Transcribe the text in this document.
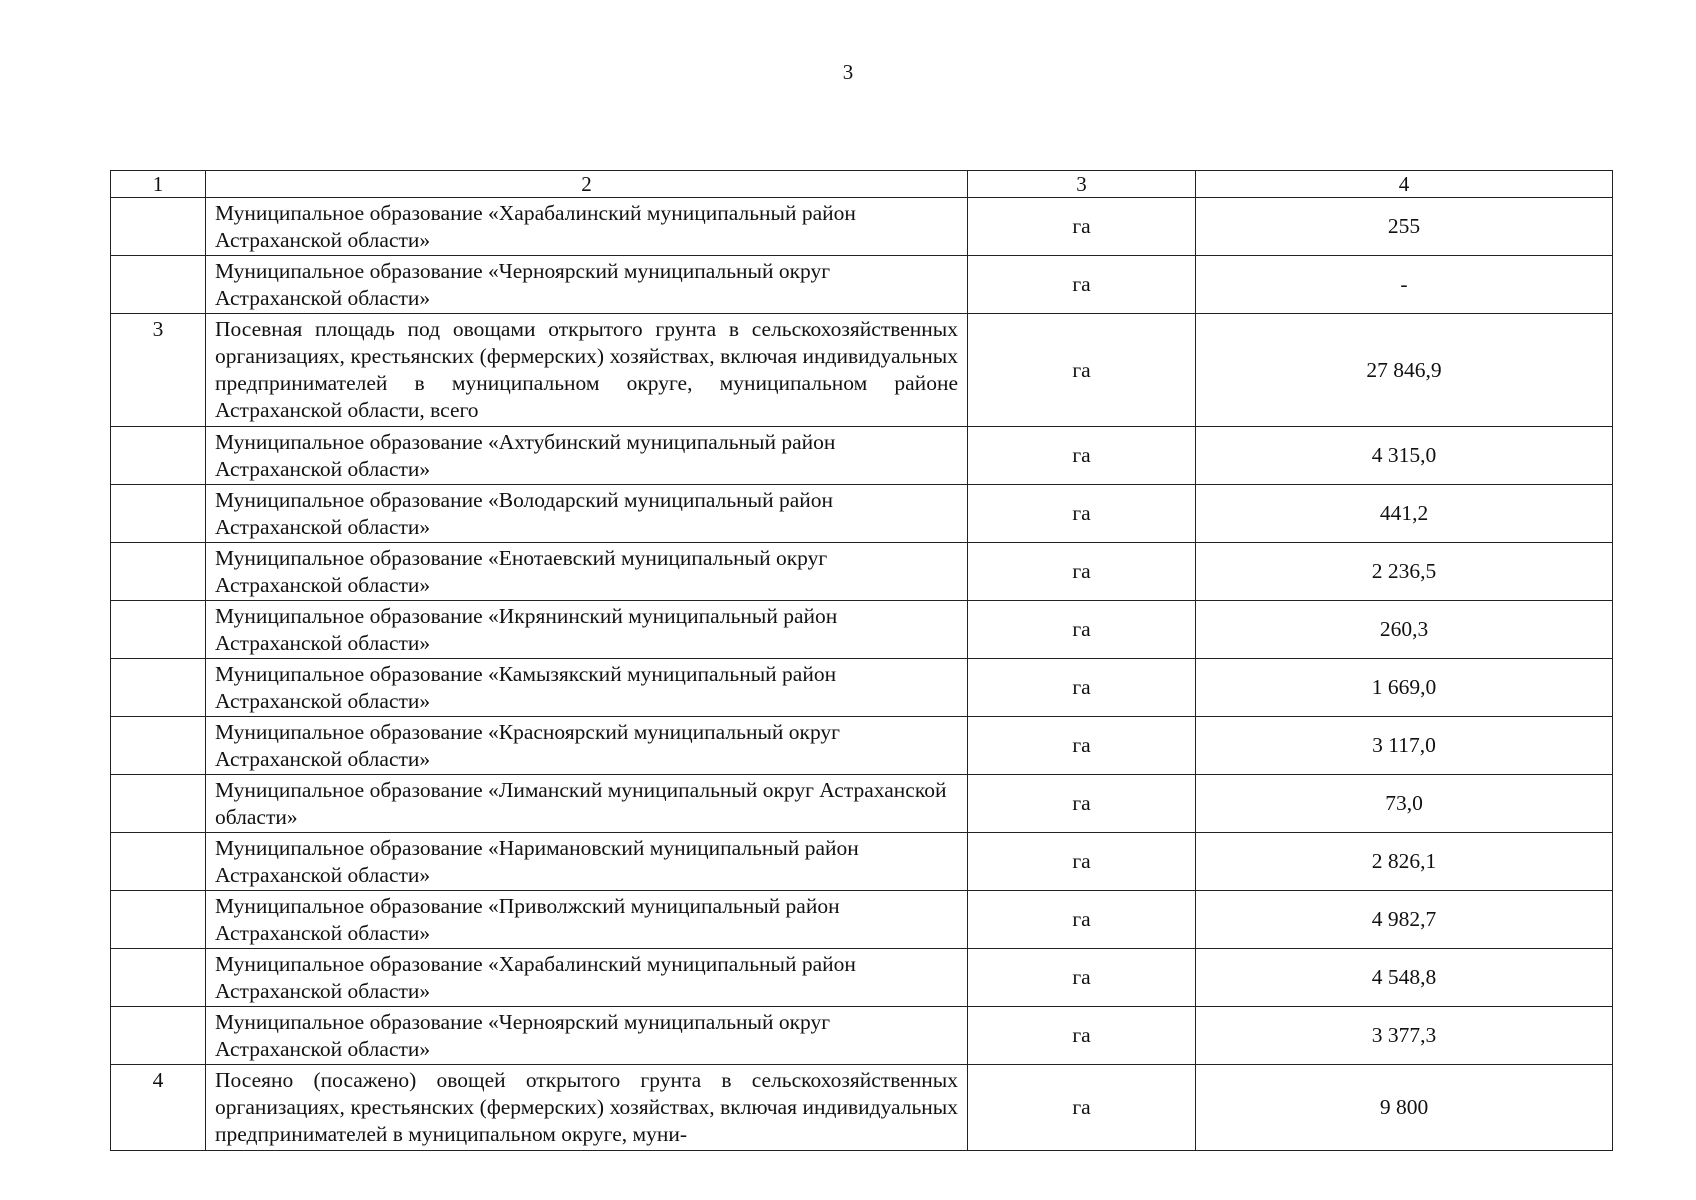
3
1	2	3	4
	Муниципальное образование «Харабалинский муниципальный район Астраханской области»	га	255
	Муниципальное образование «Черноярский муниципальный округ Астраханской области»	га	-
3	Посевная площадь под овощами открытого грунта в сельскохозяйственных организациях, крестьянских (фермерских) хозяйствах, включая индивидуальных предпринимателей в муниципальном округе, муниципальном районе Астраханской области, всего	га	27 846,9
	Муниципальное образование «Ахтубинский муниципальный район Астраханской области»	га	4 315,0
	Муниципальное образование «Володарский муниципальный район Астраханской области»	га	441,2
	Муниципальное образование «Енотаевский муниципальный округ Астраханской области»	га	2 236,5
	Муниципальное образование «Икрянинский муниципальный район Астраханской области»	га	260,3
	Муниципальное образование «Камызякский муниципальный район Астраханской области»	га	1 669,0
	Муниципальное образование «Красноярский муниципальный округ Астраханской области»	га	3 117,0
	Муниципальное образование «Лиманский муниципальный округ Астраханской области»	га	73,0
	Муниципальное образование «Наримановский муниципальный район Астраханской области»	га	2 826,1
	Муниципальное образование «Приволжский муниципальный район Астраханской области»	га	4 982,7
	Муниципальное образование «Харабалинский муниципальный район Астраханской области»	га	4 548,8
	Муниципальное образование «Черноярский муниципальный округ Астраханской области»	га	3 377,3
4	Посеяно (посажено) овощей открытого грунта в сельскохозяйственных организациях, крестьянских (фермерских) хозяйствах, включая индивидуальных предпринимателей в муниципальном округе, муни-	га	9 800
